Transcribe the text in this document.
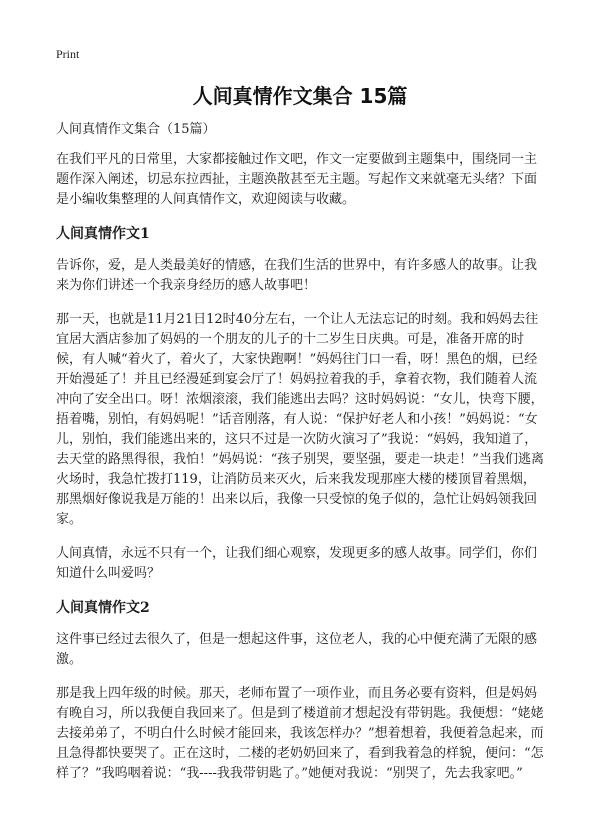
Print
人间真情作文集合 15篇
人间真情作文集合（15篇）

在我们平凡的日常里，大家都接触过作文吧，作文一定要做到主题集中，围绕同一主题作深入阐述，切忌东拉西扯，主题涣散甚至无主题。写起作文来就毫无头绪？下面是小编收集整理的人间真情作文，欢迎阅读与收藏。

人间真情作文1

告诉你，爱，是人类最美好的情感，在我们生活的世界中，有许多感人的故事。让我来为你们讲述一个我亲身经历的感人故事吧！

那一天，也就是11月21日12时40分左右，一个让人无法忘记的时刻。我和妈妈去往宜居大酒店参加了妈妈的一个朋友的儿子的十二岁生日庆典。可是，准备开席的时候，有人喊“着火了，着火了，大家快跑啊！”妈妈往门口一看，呀！黑色的烟，已经开始漫延了！并且已经漫延到宴会厅了！妈妈拉着我的手，拿着衣物，我们随着人流冲向了安全出口。呀！浓烟滚滚，我们能逃出去吗？这时妈妈说：“女儿，快弯下腰，捂着嘴，别怕，有妈妈呢！”话音刚落，有人说：“保护好老人和小孩！”妈妈说：“女儿，别怕，我们能逃出来的，这只不过是一次防火演习了”我说：“妈妈，我知道了，去天堂的路黑得很，我怕！”妈妈说：“孩子别哭，要坚强，要走一块走！”当我们逃离火场时，我急忙拨打119，让消防员来灭火，后来我发现那座大楼的楼顶冒着黑烟，那黑烟好像说我是万能的！出来以后，我像一只受惊的兔子似的，急忙让妈妈领我回家。

人间真情，永远不只有一个，让我们细心观察，发现更多的感人故事。同学们，你们知道什么叫爱吗？

人间真情作文2

这件事已经过去很久了，但是一想起这件事，这位老人，我的心中便充满了无限的感激。

那是我上四年级的时候。那天，老师布置了一项作业，而且务必要有资料，但是妈妈有晚自习，所以我便自我回来了。但是到了楼道前才想起没有带钥匙。我便想：“姥姥去接弟弟了，不明白什么时候才能回来，我该怎样办？”想着想着，我便着急起来，而且急得都快要哭了。正在这时，二楼的老奶奶回来了，看到我着急的样貌，便问：“怎样了？”我呜咽着说：“我----我我带钥匙了。”她便对我说：“别哭了，先去我家吧。”
